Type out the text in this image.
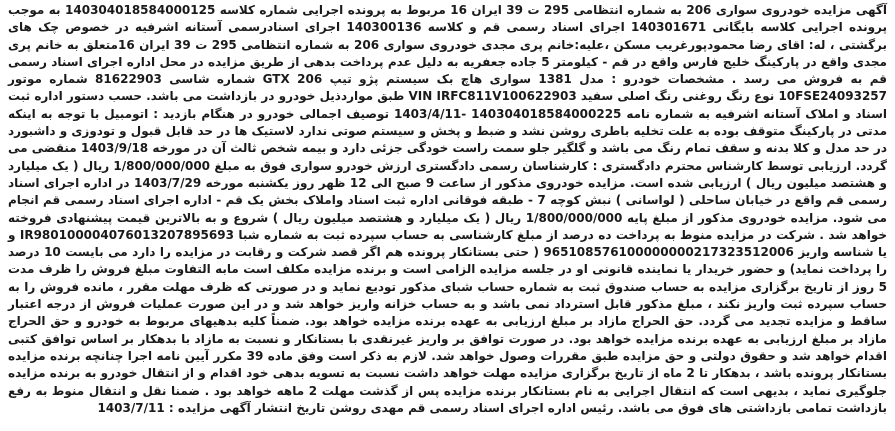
آگهی مزایده خودروی سواری 206 به شماره انتظامی 295 ت 39 ایران 16 مربوط به پرونده اجرایی شماره کلاسه 140304018584000125 به موجب پرونده اجرایی کلاسه بایگانی 140301671 اجرای اسناد رسمی قم و کلاسه 140300136 اجرای اسنادرسمی آستانه اشرفیه در خصوص چک های برگشتی ، له: اقای رضا محمودپورغریب مسکن ،علیه:خانم پری مجدی خودروی سواری 206 به شماره انتظامی 295 ت 39 ایران 16متعلق به خانم پری مجدی واقع در پارکینگ خلیج فارس واقع در قم - کیلومتر 5 جاده جعفریه به دلیل عدم پرداخت بدهی از طریق مزایده در محل اداره اجرای اسناد رسمی قم به فروش می رسد . مشخصات خودرو : مدل 1381 سواری هاچ بک سیستم پژو تیپ GTX 206 شماره شاسی 81622903 شماره موتور 10FSE24093257 نوع رنگ روغنی رنگ اصلی سفید VIN IRFC811V100622903 طبق مواردذیل خودرو در بازداشت می باشد. حسب دستور اداره ثبت اسناد و املاک آستانه اشرفیه به شماره نامه 140304018584000225 -1403/4/11 توصیف اجمالی خودرو در هنگام بازدید : اتومبیل با توجه به اینکه مدتی در پارکینگ متوقف بوده به علت تخلیه باطری روشن نشد و ضبط و پخش و سیستم صوتی ندارد لاستیک ها در حد قابل قبول و تودوزی و داشبورد در حد مدل و کلا بدنه و سقف تمام رنگ می باشد و گلگیر جلو سمت راست خودگی جزئی دارد و بیمه شخص ثالث آن در مورخه 1403/9/18 منقضی می گردد. ارزیابی توسط کارشناس محترم دادگستری : کارشناسان رسمی دادگستری ارزش خودرو سواری فوق به مبلغ 1/800/000/000 ریال ( یک میلیارد و هشتصد میلیون ریال ) ارزیابی شده است. مزایده خودروی مذکور از ساعت 9 صبح الی 12 ظهر روز یکشنبه مورخه 1403/7/29 در اداره اجرای اسناد رسمی قم واقع در خیابان ساحلی ( لواسانی ) نبش کوچه 7 - طبقه فوقانی اداره ثبت اسناد واملاک بخش یک قم - اداره اجرای اسناد رسمی قم انجام می شود. مزایده خودروی مذکور از مبلغ پایه 1/800/000/000 ریال ( یک میلیارد و هشتصد میلیون ریال ) شروع و به بالاترین قیمت پیشنهادی فروخته خواهد شد . شرکت در مزایده منوط به پرداخت ده درصد از مبلغ کارشناسی به حساب سپرده ثبت به شماره شبا IR980100004076013207895693 و یا شناسه واریز 965108576100000000217323512006 ( حتی بستانکار پرونده هم اگر قصد شرکت و رقابت در مزایده را دارد می بایست 10 درصد را پرداخت نماید) و حضور خریدار یا نماینده قانونی او در جلسه مزایده الزامی است و برنده مزایده مکلف است مابه التفاوت مبلغ فروش را ظرف مدت 5 روز از تاریخ برگزاری مزایده به حساب صندوق ثبت به شماره حساب شبای مذکور تودیع نماید و در صورتی که ظرف مهلت مقرر ، مانده فروش را به حساب سپرده ثبت واریز نکند ، مبلغ مذکور قابل استرداد نمی باشد و به حساب خزانه واریز خواهد شد و در این صورت عملیات فروش از درجه اعتبار ساقط و مزایده تجدید می گردد. حق الحراج مازاد بر مبلغ ارزیابی به عهده برنده مزایده خواهد بود. ضمناً کلیه بدهیهای مربوط به خودرو و حق الحراج مازاد بر مبلغ ارزیابی به عهده برنده مزایده خواهد بود. در صورت توافق بر واریز غیرنقدی با بستانکار و نسبت به مازاد با بدهکار بر اساس توافق کتبی اقدام خواهد شد و حقوق دولتی و حق مزایده طبق مقررات وصول خواهد شد. لازم به ذکر است وفق ماده 39 مکرر آیین نامه اجرا چنانچه برنده مزایده بستانکار پرونده باشد ، بدهکار تا 2 ماه از تاریخ برگزاری مزایده مهلت خواهد داشت نسبت به تسویه بدهی خود اقدام و از انتقال خودرو به برنده مزایده جلوگیری نماید ، بدیهی است که انتقال اجرایی به نام بستانکار برنده مزایده پس از گذشت مهلت 2 ماهه خواهد بود . ضمنا نقل و انتقال منوط به رفع بازداشت تمامی بازداشتی های فوق می باشد. رئیس اداره اجرای اسناد رسمی قم مهدی روشن تاریخ انتشار آگهی مزایده : 1403/7/11
